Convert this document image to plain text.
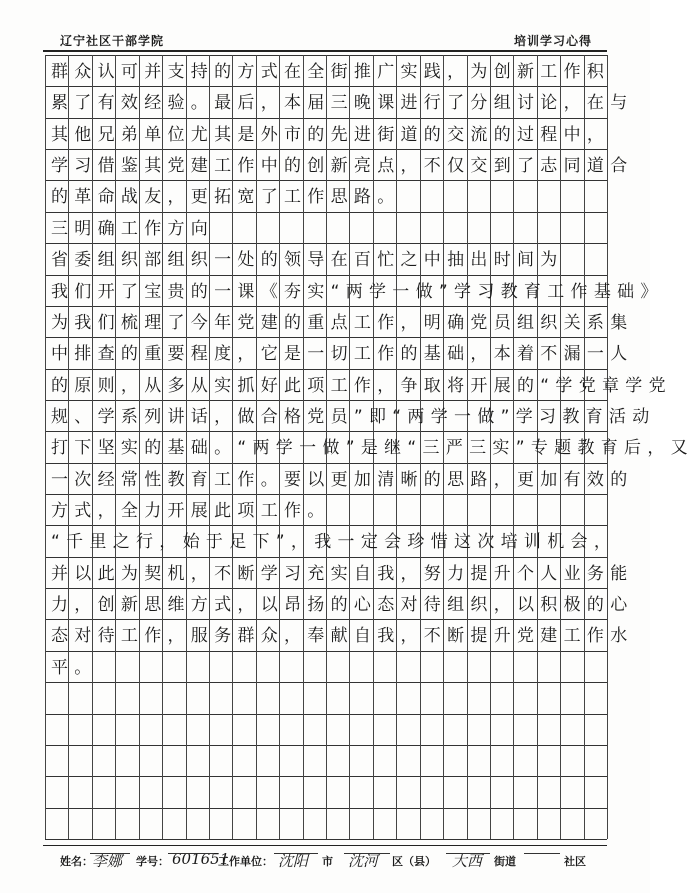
辽宁社区干部学院	培训学习心得
群众认可并支持的方式在全街推广实践，为创新工作积
累了有效经验。最后，本届三晚课进行了分组讨论，在与
其他兄弟单位尤其是外市的先进街道的交流的过程中，
学习借鉴其党建工作中的创新亮点，不仅交到了志同道合
的革命战友，更拓宽了工作思路。
三明确工作方向
省委组织部组织一处的领导在百忙之中抽出时间为
我们开了宝贵的一课《夯实“两学一做”学习教育工作基础》
为我们梳理了今年党建的重点工作，明确党员组织关系集
中排查的重要程度，它是一切工作的基础，本着不漏一人
的原则，从多从实抓好此项工作，争取将开展的“学党章学党
规、学系列讲话，做合格党员”即“两学一做”学习教育活动
打下坚实的基础。“两学一做”是继“三严三实”专题教育后，又
一次经常性教育工作。要以更加清晰的思路，更加有效的
方式，全力开展此项工作。
“千里之行，始于足下”，我一定会珍惜这次培训机会，
并以此为契机，不断学习充实自我，努力提升个人业务能
力，创新思维方式，以昂扬的心态对待组织，以积极的心
态对待工作，服务群众，奉献自我，不断提升党建工作水
平。
姓名： 李娜 学号： 601651
工作单位： 沈阳 市 沈河 区（县） 大西 街道	社区
